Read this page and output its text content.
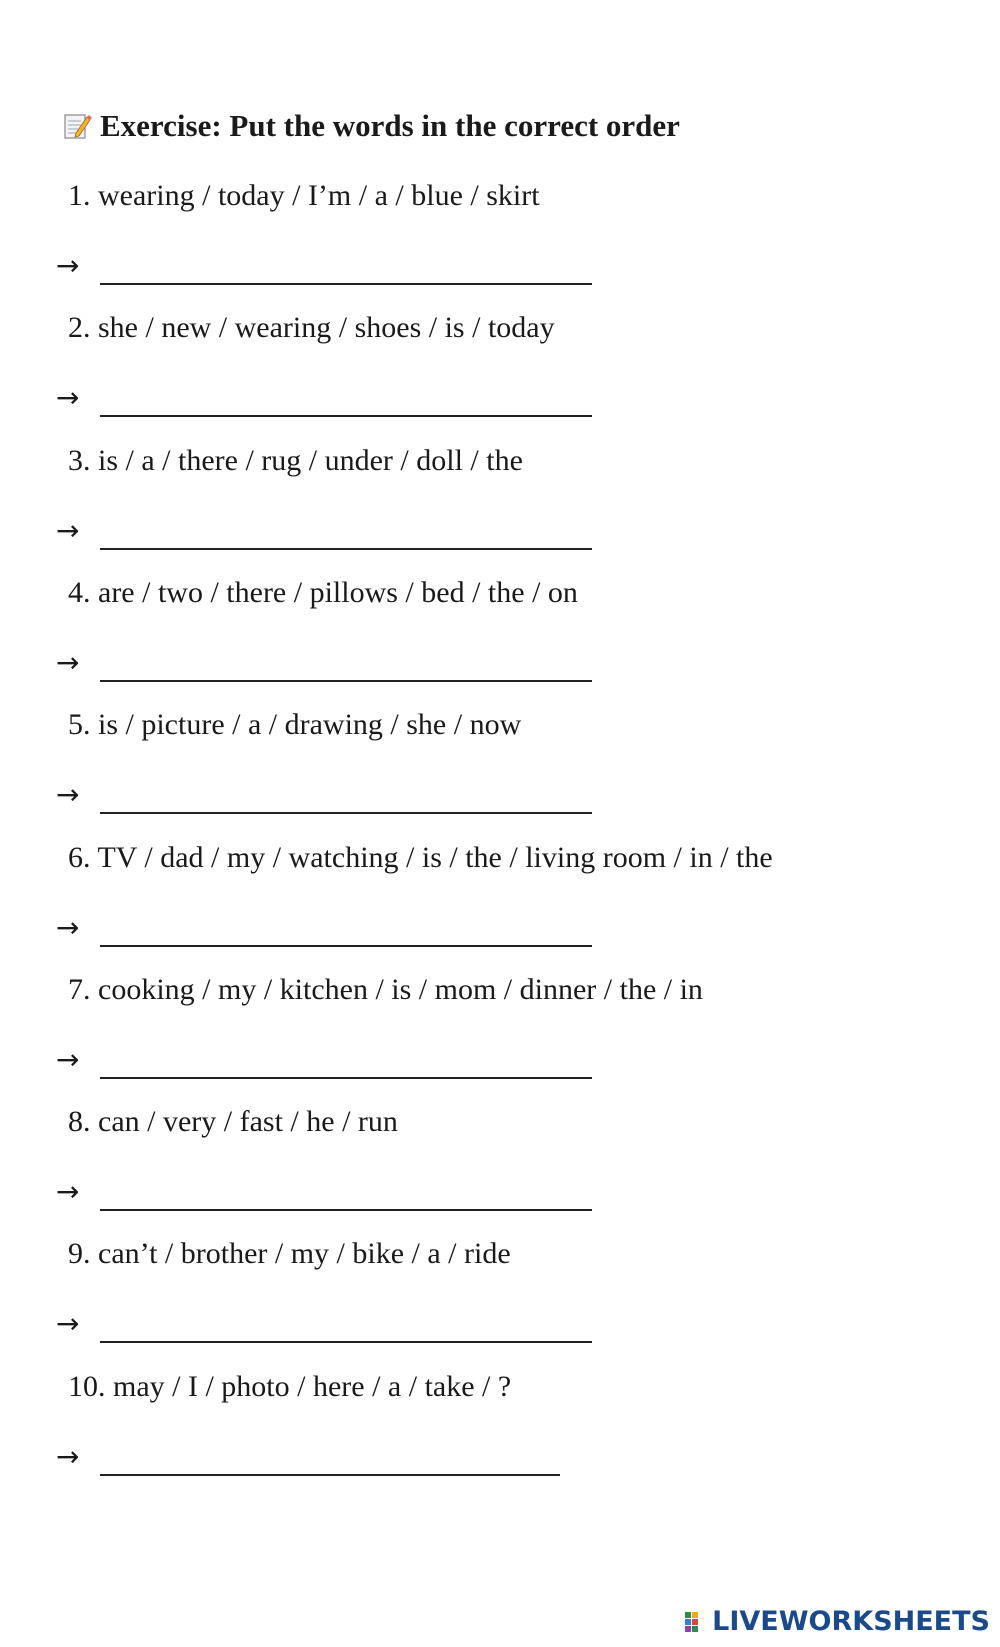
Exercise: Put the words in the correct order
1. wearing / today / I’m / a / blue / skirt
→
2. she / new / wearing / shoes / is / today
→
3. is / a / there / rug / under / doll / the
→
4. are / two / there / pillows / bed / the / on
→
5. is / picture / a / drawing / she / now
→
6. TV / dad / my / watching / is / the / living room / in / the
→
7. cooking / my / kitchen / is / mom / dinner / the / in
→
8. can / very / fast / he / run
→
9. can’t / brother / my / bike / a / ride
→
10. may / I / photo / here / a / take / ?
→
LIVEWORKSHEETS
